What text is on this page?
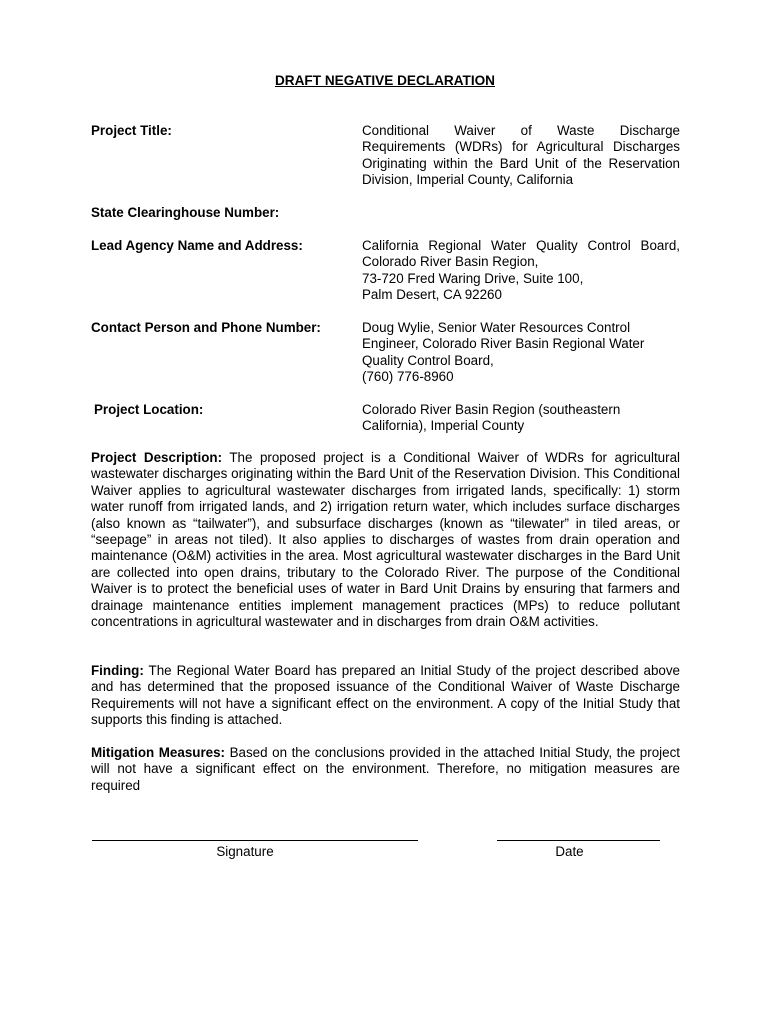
DRAFT NEGATIVE DECLARATION
Project Title:	Conditional Waiver of Waste Discharge Requirements (WDRs) for Agricultural Discharges Originating within the Bard Unit of the Reservation Division, Imperial County, California
State Clearinghouse Number:
Lead Agency Name and Address:	California Regional Water Quality Control Board,
Colorado River Basin Region,
73-720 Fred Waring Drive, Suite 100,
Palm Desert, CA 92260
Contact Person and Phone Number:	Doug Wylie, Senior Water Resources Control Engineer, Colorado River Basin Regional Water Quality Control Board,
(760) 776-8960
Project Location:	Colorado River Basin Region (southeastern California), Imperial County
Project Description: The proposed project is a Conditional Waiver of WDRs for agricultural wastewater discharges originating within the Bard Unit of the Reservation Division. This Conditional Waiver applies to agricultural wastewater discharges from irrigated lands, specifically: 1) storm water runoff from irrigated lands, and 2) irrigation return water, which includes surface discharges (also known as “tailwater”), and subsurface discharges (known as “tilewater” in tiled areas, or “seepage” in areas not tiled). It also applies to discharges of wastes from drain operation and maintenance (O&M) activities in the area. Most agricultural wastewater discharges in the Bard Unit are collected into open drains, tributary to the Colorado River. The purpose of the Conditional Waiver is to protect the beneficial uses of water in Bard Unit Drains by ensuring that farmers and drainage maintenance entities implement management practices (MPs) to reduce pollutant concentrations in agricultural wastewater and in discharges from drain O&M activities.
Finding: The Regional Water Board has prepared an Initial Study of the project described above and has determined that the proposed issuance of the Conditional Waiver of Waste Discharge Requirements will not have a significant effect on the environment. A copy of the Initial Study that supports this finding is attached.
Mitigation Measures: Based on the conclusions provided in the attached Initial Study, the project will not have a significant effect on the environment. Therefore, no mitigation measures are required
Signature	Date
